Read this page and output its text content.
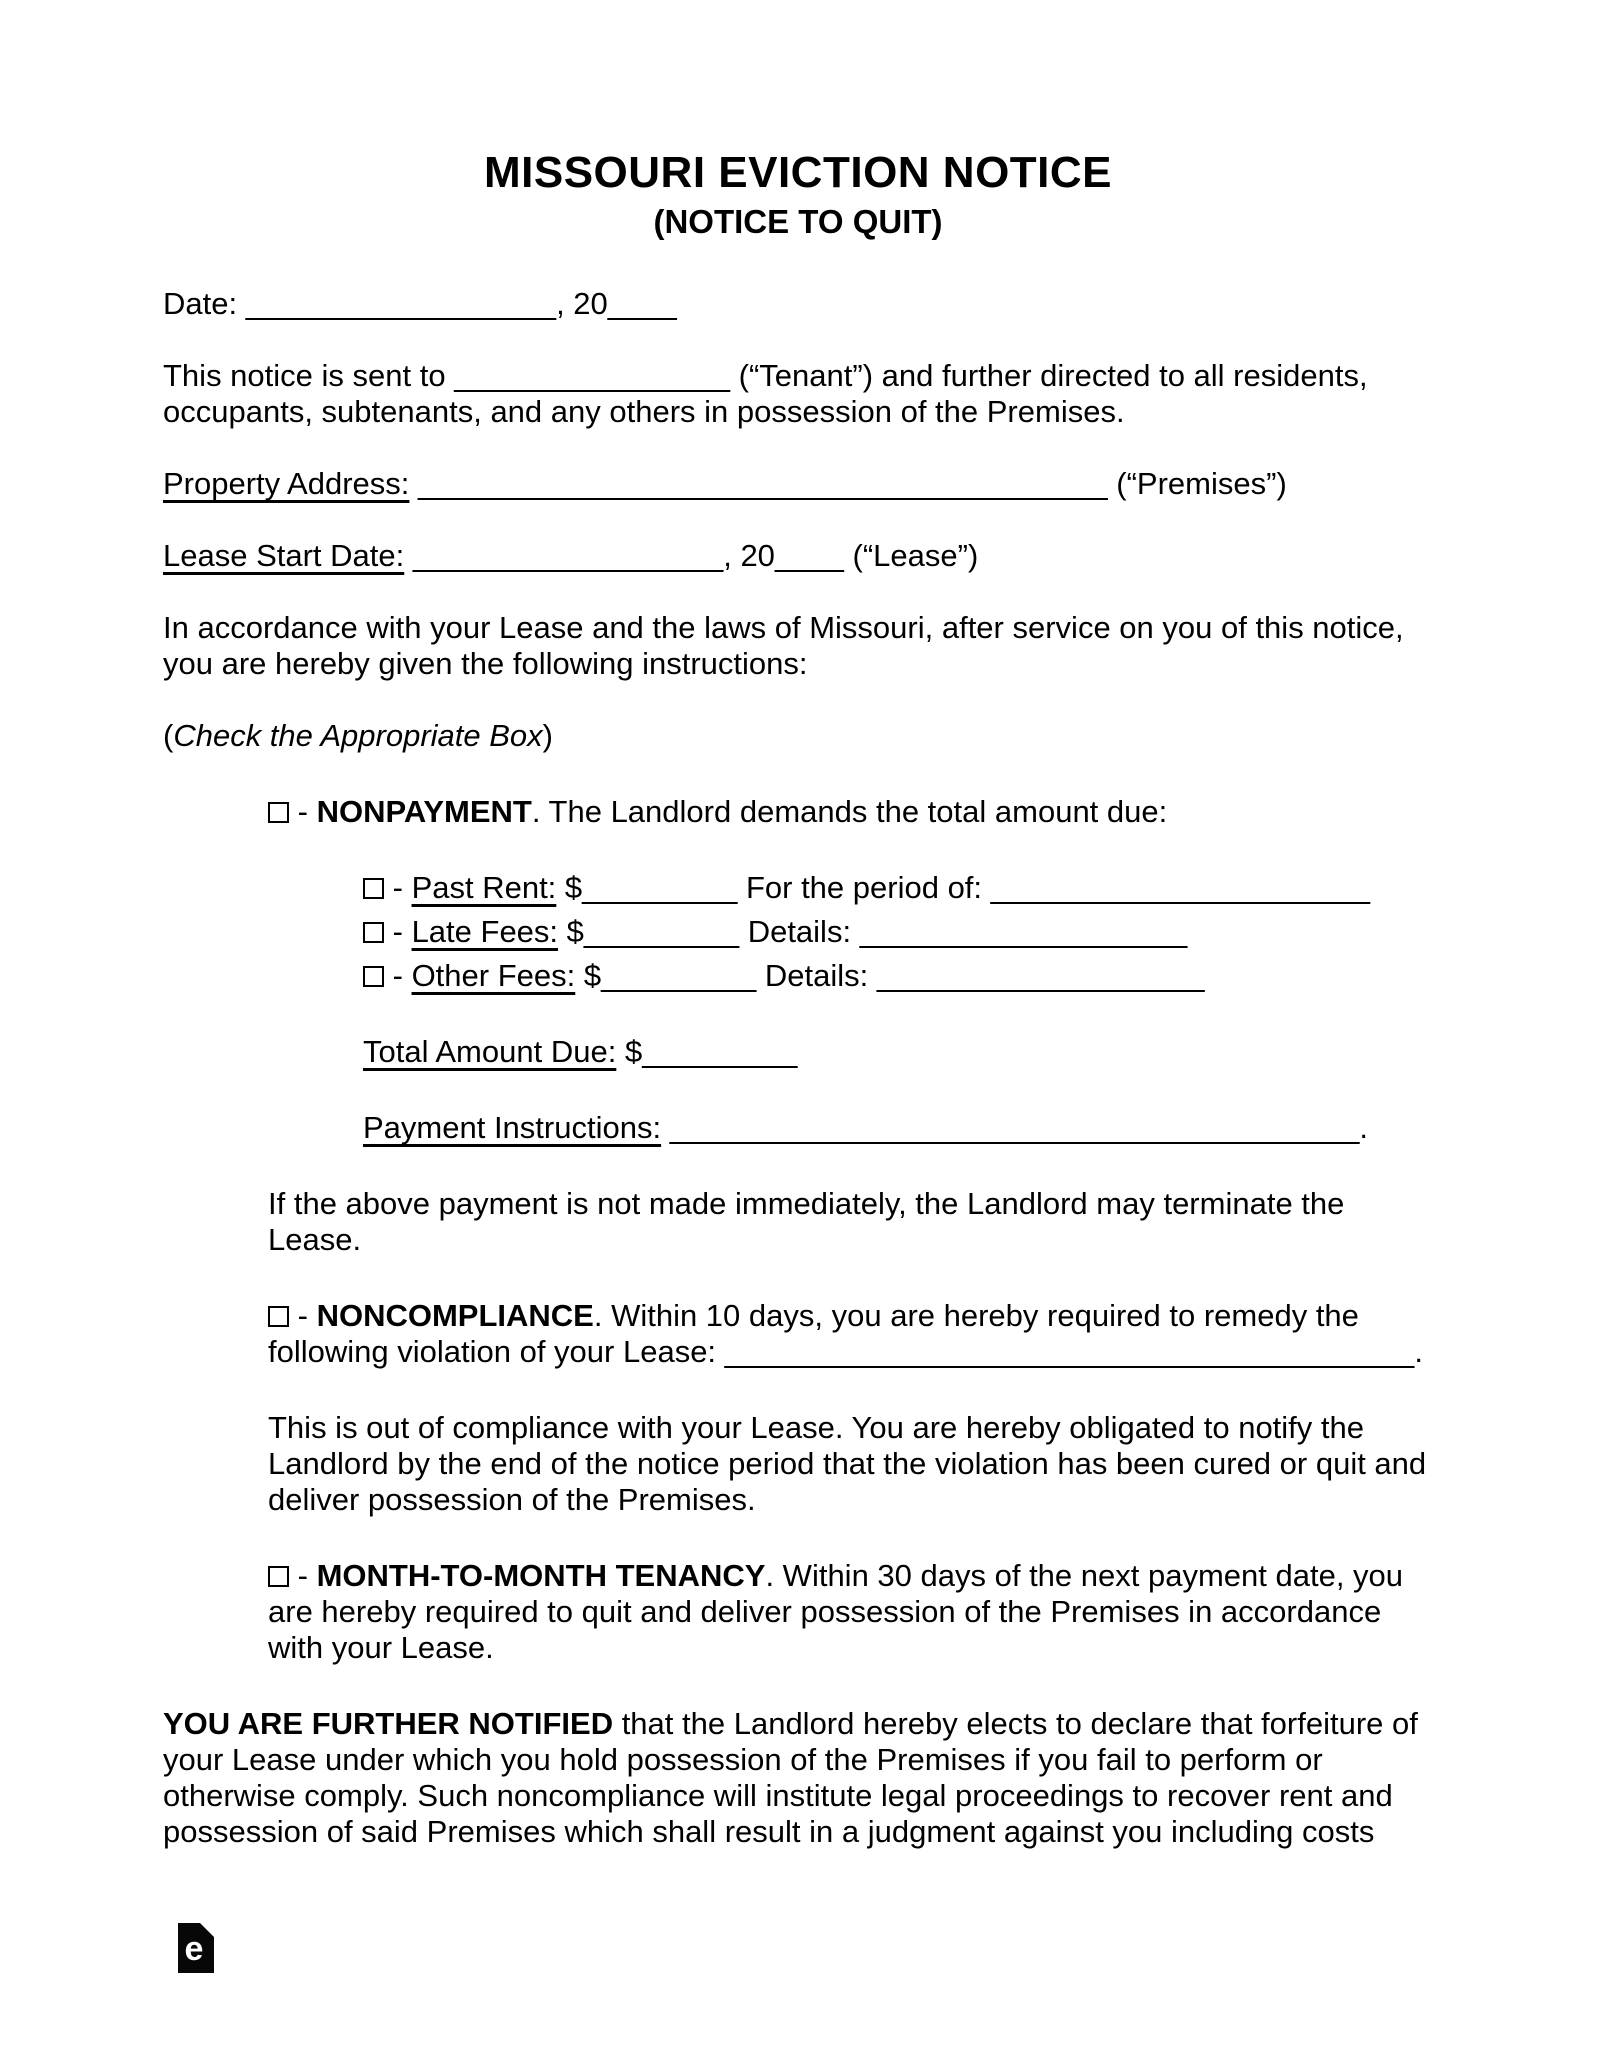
MISSOURI EVICTION NOTICE
(NOTICE TO QUIT)

Date: __________________, 20____

This notice is sent to ________________ (“Tenant”) and further directed to all residents, occupants, subtenants, and any others in possession of the Premises.

Property Address: ________________________________________ (“Premises”)

Lease Start Date: __________________, 20____ (“Lease”)

In accordance with your Lease and the laws of Missouri, after service on you of this notice, you are hereby given the following instructions:

(Check the Appropriate Box)

- NONPAYMENT. The Landlord demands the total amount due:

- Past Rent: $_________ For the period of: ______________________

- Late Fees: $_________ Details: ___________________

- Other Fees: $_________ Details: ___________________

Total Amount Due: $_________

Payment Instructions: ________________________________________.

If the above payment is not made immediately, the Landlord may terminate the Lease.

- NONCOMPLIANCE. Within 10 days, you are hereby required to remedy the following violation of your Lease: ________________________________________.

This is out of compliance with your Lease. You are hereby obligated to notify the Landlord by the end of the notice period that the violation has been cured or quit and deliver possession of the Premises.

- MONTH-TO-MONTH TENANCY. Within 30 days of the next payment date, you are hereby required to quit and deliver possession of the Premises in accordance with your Lease.

YOU ARE FURTHER NOTIFIED that the Landlord hereby elects to declare that forfeiture of your Lease under which you hold possession of the Premises if you fail to perform or otherwise comply. Such noncompliance will institute legal proceedings to recover rent and possession of said Premises which shall result in a judgment against you including costs

e
